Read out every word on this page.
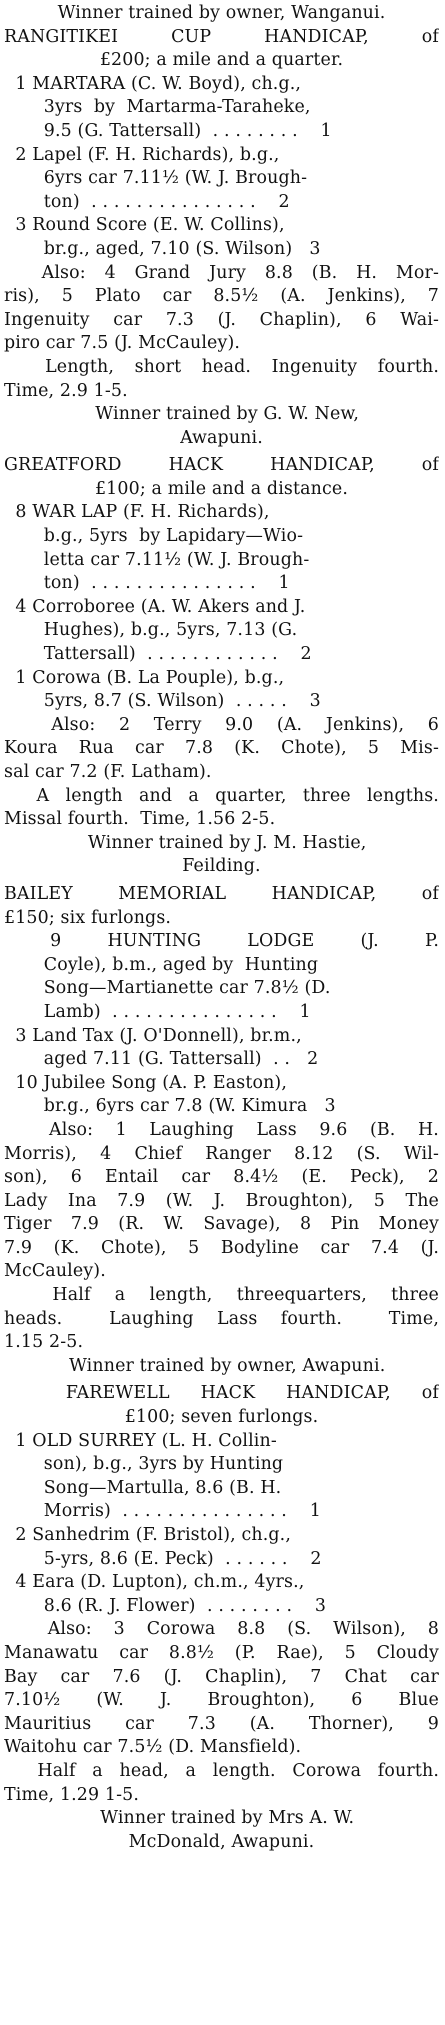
Winner trained by owner, Wanganui.
RANGITIKEI CUP HANDICAP, of
£200; a mile and a quarter.
1 MARTARA (C. W. Boyd), ch.g.,
3yrs  by  Martarma-Taraheke,
9.5 (G. Tattersall)  . . . . . . . .    1
2 Lapel (F. H. Richards), b.g.,
6yrs car 7.11½ (W. J. Brough-
ton)  . . . . . . . . . . . . . . .    2
3 Round Score (E. W. Collins),
br.g., aged, 7.10 (S. Wilson)   3
Also: 4 Grand Jury 8.8 (B. H. Mor-
ris), 5 Plato car 8.5½ (A. Jenkins), 7
Ingenuity car 7.3 (J. Chaplin), 6 Wai-
piro car 7.5 (J. McCauley).
Length, short head. Ingenuity fourth.
Time, 2.9 1-5.
Winner trained by G. W. New,
Awapuni.
GREATFORD HACK HANDICAP, of
£100; a mile and a distance.
8 WAR LAP (F. H. Richards),
b.g., 5yrs  by Lapidary—Wio-
letta car 7.11½ (W. J. Brough-
ton)  . . . . . . . . . . . . . . .    1
4 Corroboree (A. W. Akers and J.
Hughes), b.g., 5yrs, 7.13 (G.
Tattersall)  . . . . . . . . . . . .    2
1 Corowa (B. La Pouple), b.g.,
5yrs, 8.7 (S. Wilson)  . . . . .    3
Also: 2 Terry 9.0 (A. Jenkins), 6
Koura Rua car 7.8 (K. Chote), 5 Mis-
sal car 7.2 (F. Latham).
A length and a quarter, three lengths.
Missal fourth.  Time, 1.56 2-5.
Winner trained by J. M. Hastie,
Feilding.
BAILEY MEMORIAL HANDICAP, of
£150; six furlongs.
9  HUNTING  LODGE  (J.  P.
Coyle), b.m., aged by  Hunting
Song—Martianette car 7.8½ (D.
Lamb)  . . . . . . . . . . . . . . .    1
3 Land Tax (J. O'Donnell), br.m.,
aged 7.11 (G. Tattersall)  . .   2
10 Jubilee Song (A. P. Easton),
br.g., 6yrs car 7.8 (W. Kimura   3
Also: 1 Laughing Lass 9.6 (B. H.
Morris), 4 Chief Ranger 8.12 (S. Wil-
son), 6 Entail car 8.4½ (E. Peck), 2
Lady Ina 7.9 (W. J. Broughton), 5 The
Tiger 7.9 (R. W. Savage), 8 Pin Money
7.9 (K. Chote), 5 Bodyline car 7.4 (J.
McCauley).
Half a length, threequarters, three
heads.  Laughing Lass fourth.  Time,
1.15 2-5.
Winner trained by owner, Awapuni.
FAREWELL HACK HANDICAP, of
£100; seven furlongs.
1 OLD SURREY (L. H. Collin-
son), b.g., 3yrs by Hunting
Song—Martulla, 8.6 (B. H.
Morris)  . . . . . . . . . . . . . . .    1
2 Sanhedrim (F. Bristol), ch.g.,
5-yrs, 8.6 (E. Peck)  . . . . . .    2
4 Eara (D. Lupton), ch.m., 4yrs.,
8.6 (R. J. Flower)  . . . . . . . .    3
Also: 3 Corowa 8.8 (S. Wilson), 8
Manawatu car 8.8½ (P. Rae), 5 Cloudy
Bay car 7.6 (J. Chaplin), 7 Chat car
7.10½ (W. J. Broughton), 6 Blue
Mauritius car 7.3 (A. Thorner), 9
Waitohu car 7.5½ (D. Mansfield).
Half a head, a length. Corowa fourth.
Time, 1.29 1-5.
Winner trained by Mrs A. W.
McDonald, Awapuni.
